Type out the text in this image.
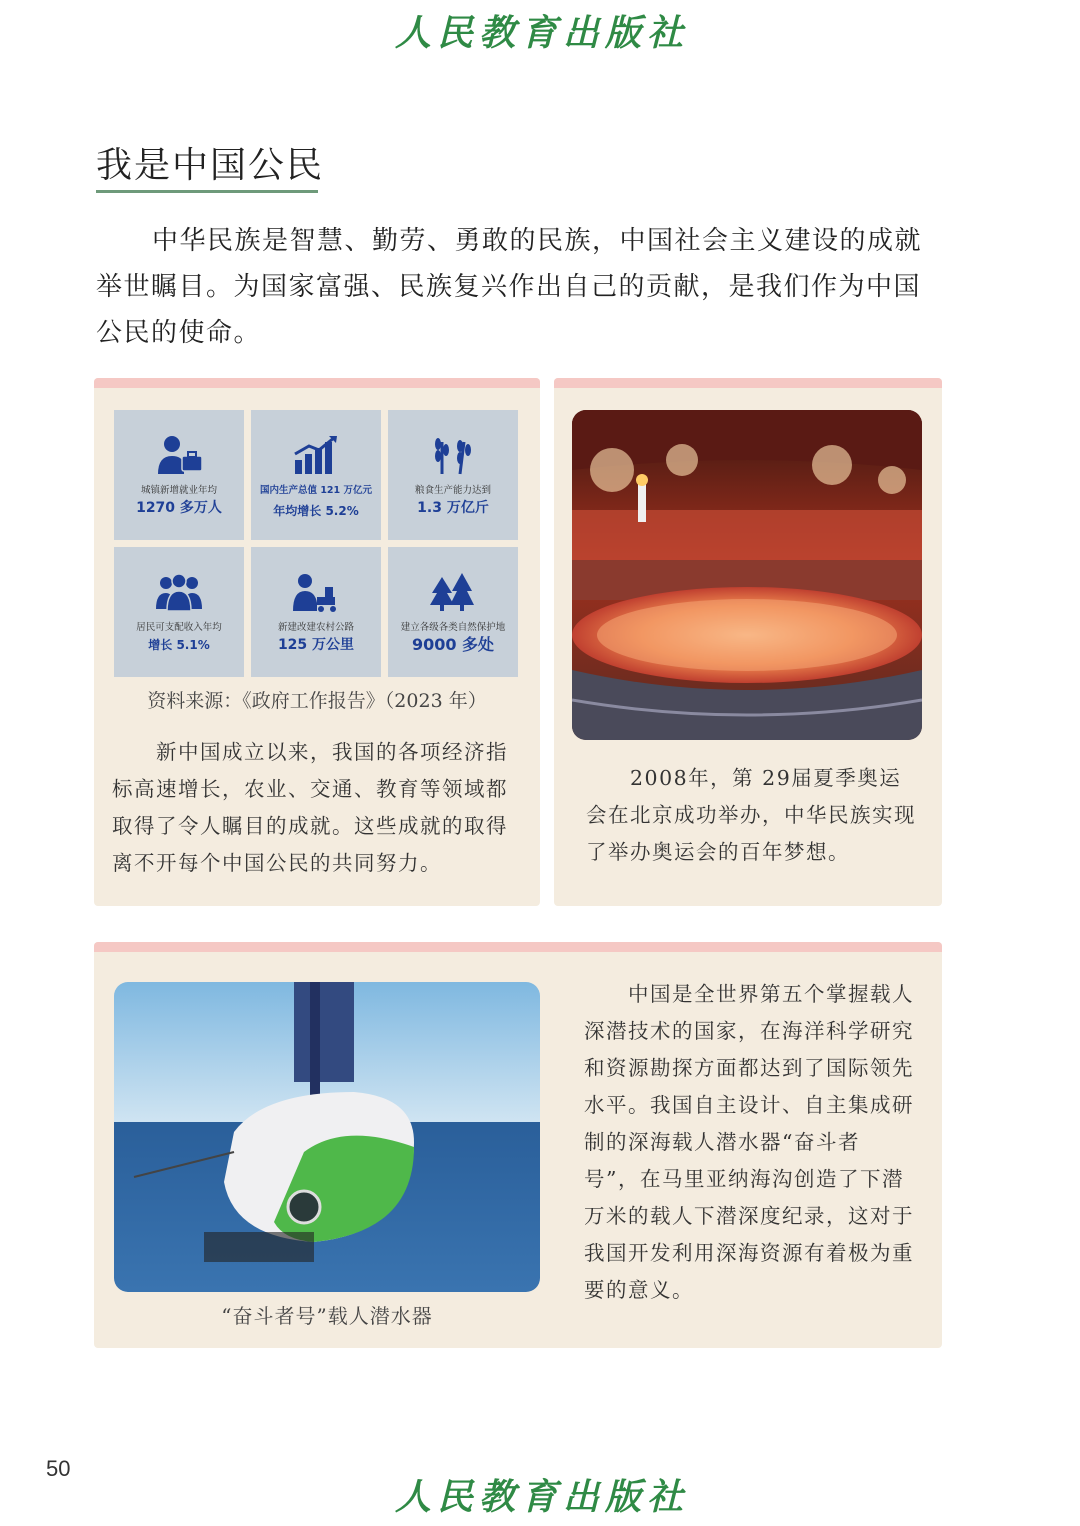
人民教育出版社
我是中国公民

中华民族是智慧、勤劳、勇敢的民族，中国社会主义建设的成就举世瞩目。为国家富强、民族复兴作出自己的贡献，是我们作为中国公民的使命。

城镇新增就业年均
1270 多万人
国内生产总值 121 万亿元
年均增长 5.2%
粮食生产能力达到
1.3 万亿斤
居民可支配收入年均
增长 5.1%
新建改建农村公路
125 万公里
建立各级各类自然保护地
9000 多处
资料来源：《政府工作报告》（2023 年）

新中国成立以来，我国的各项经济指标高速增长，农业、交通、教育等领域都取得了令人瞩目的成就。这些成就的取得离不开每个中国公民的共同努力。

2008年，第 29届夏季奥运会在北京成功举办，中华民族实现了举办奥运会的百年梦想。

“奋斗者号”载人潜水器

中国是全世界第五个掌握载人深潜技术的国家，在海洋科学研究和资源勘探方面都达到了国际领先水平。我国自主设计、自主集成研制的深海载人潜水器“奋斗者号”，在马里亚纳海沟创造了下潜万米的载人下潜深度纪录，这对于我国开发利用深海资源有着极为重要的意义。

50
人民教育出版社
